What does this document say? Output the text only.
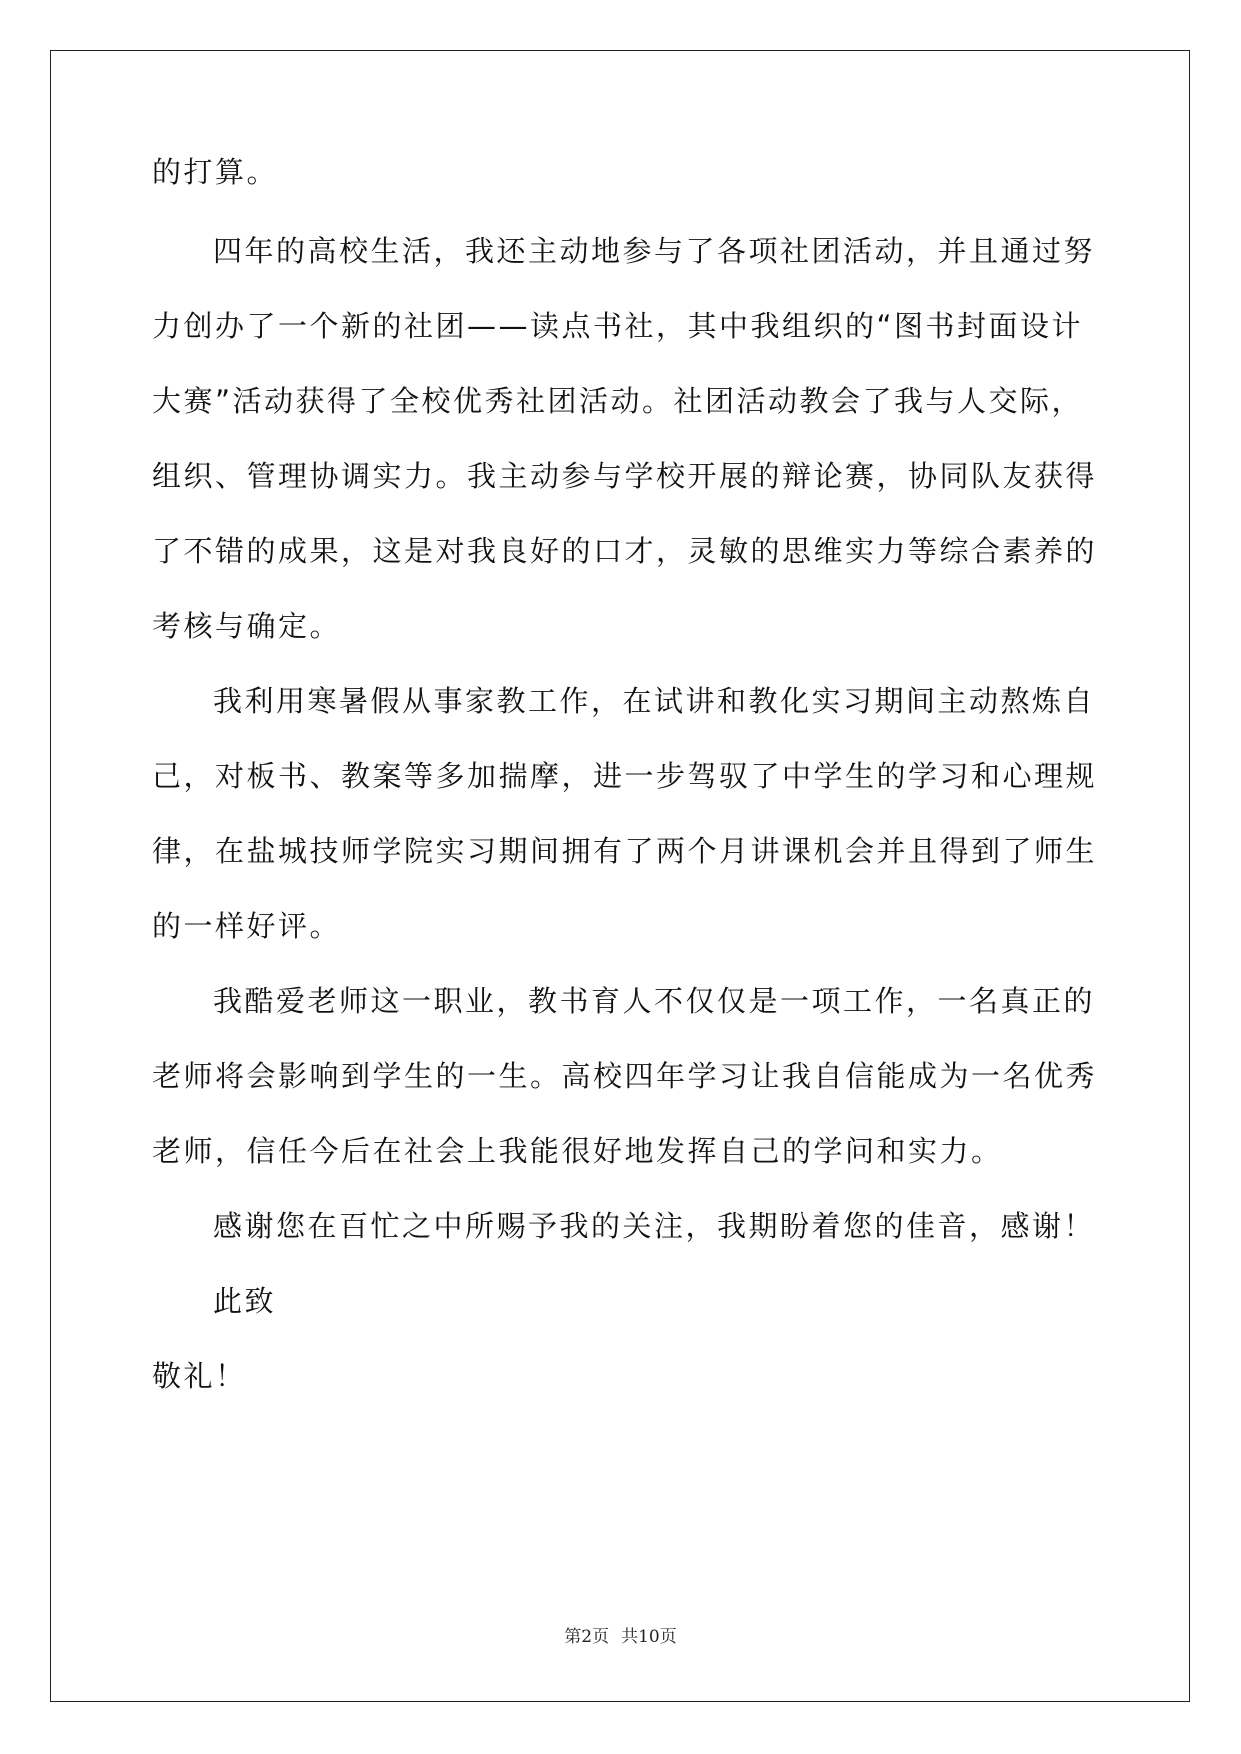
的打算。
四年的高校生活，我还主动地参与了各项社团活动，并且通过努
力创办了一个新的社团——读点书社，其中我组织的“图书封面设计
大赛”活动获得了全校优秀社团活动。社团活动教会了我与人交际，
组织、管理协调实力。我主动参与学校开展的辩论赛，协同队友获得
了不错的成果，这是对我良好的口才，灵敏的思维实力等综合素养的
考核与确定。
我利用寒暑假从事家教工作，在试讲和教化实习期间主动熬炼自
己，对板书、教案等多加揣摩，进一步驾驭了中学生的学习和心理规
律，在盐城技师学院实习期间拥有了两个月讲课机会并且得到了师生
的一样好评。
我酷爱老师这一职业，教书育人不仅仅是一项工作，一名真正的
老师将会影响到学生的一生。高校四年学习让我自信能成为一名优秀
老师，信任今后在社会上我能很好地发挥自己的学问和实力。
感谢您在百忙之中所赐予我的关注，我期盼着您的佳音，感谢！
此致
敬礼！
第2页 共10页
